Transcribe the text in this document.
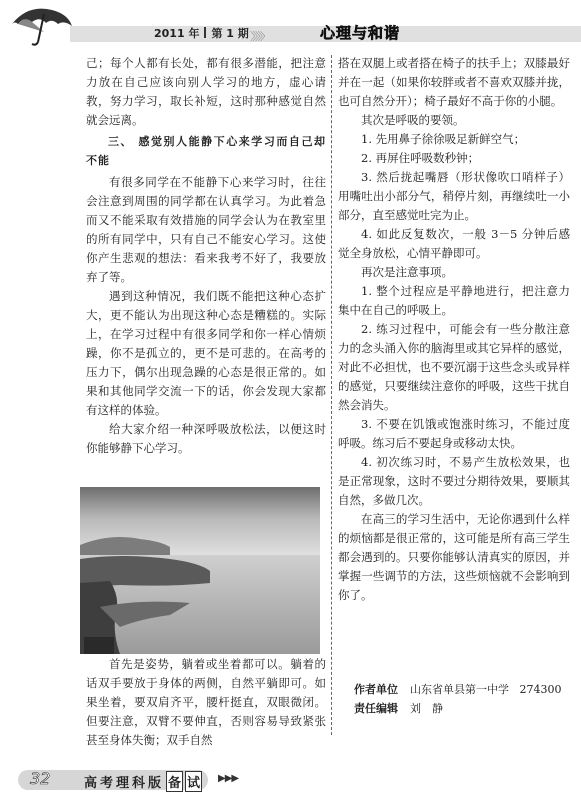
2011 年 第 1 期 〉〉〉〉〉	心理与和谐

己；每个人都有长处，都有很多潜能，把注意力放在自己应该向别人学习的地方，虚心请教，努力学习，取长补短，这时那种感觉自然就会远离。

三、 感觉别人能静下心来学习而自己却不能

有很多同学在不能静下心来学习时，往往会注意到周围的同学都在认真学习。为此着急而又不能采取有效措施的同学会认为在教室里的所有同学中，只有自己不能安心学习。这使你产生悲观的想法：看来我考不好了，我要放弃了等。

遇到这种情况，我们既不能把这种心态扩大，更不能认为出现这种心态是糟糕的。实际上，在学习过程中有很多同学和你一样心情烦躁，你不是孤立的，更不是可悲的。在高考的压力下，偶尔出现急躁的心态是很正常的。如果和其他同学交流一下的话，你会发现大家都有这样的体验。

给大家介绍一种深呼吸放松法，以便这时你能够静下心学习。

首先是姿势，躺着或坐着都可以。躺着的话双手要放于身体的两侧，自然平躺即可。如果坐着，要双肩齐平，腰杆挺直，双眼微闭。但要注意，双臂不要伸直，否则容易导致紧张甚至身体失衡；双手自然

搭在双腿上或者搭在椅子的扶手上；双膝最好并在一起（如果你较胖或者不喜欢双膝并拢，也可自然分开）；椅子最好不高于你的小腿。

其次是呼吸的要领。

1. 先用鼻子徐徐吸足新鲜空气；

2. 再屏住呼吸数秒钟；

3. 然后拢起嘴唇（形状像吹口哨样子）用嘴吐出小部分气，稍停片刻，再继续吐一小部分，直至感觉吐完为止。

4. 如此反复数次，一般 3－5 分钟后感觉全身放松，心情平静即可。

再次是注意事项。

1. 整个过程应是平静地进行，把注意力集中在自己的呼吸上。

2. 练习过程中，可能会有一些分散注意力的念头涌入你的脑海里或其它异样的感觉，对此不必担忧，也不要沉溺于这些念头或异样的感觉，只要继续注意你的呼吸，这些干扰自然会消失。

3. 不要在饥饿或饱涨时练习，不能过度呼吸。练习后不要起身或移动太快。

4. 初次练习时，不易产生放松效果，也是正常现象，这时不要过分期待效果，要顺其自然，多做几次。

在高三的学习生活中，无论你遇到什么样的烦恼都是很正常的，这可能是所有高三学生都会遇到的。只要你能够认清真实的原因，并掌握一些调节的方法，这些烦恼就不会影响到你了。

作者单位 山东省单县第一中学 274300
责任编辑 刘　静
32	高考理科版 备 试 ▶▶▶
